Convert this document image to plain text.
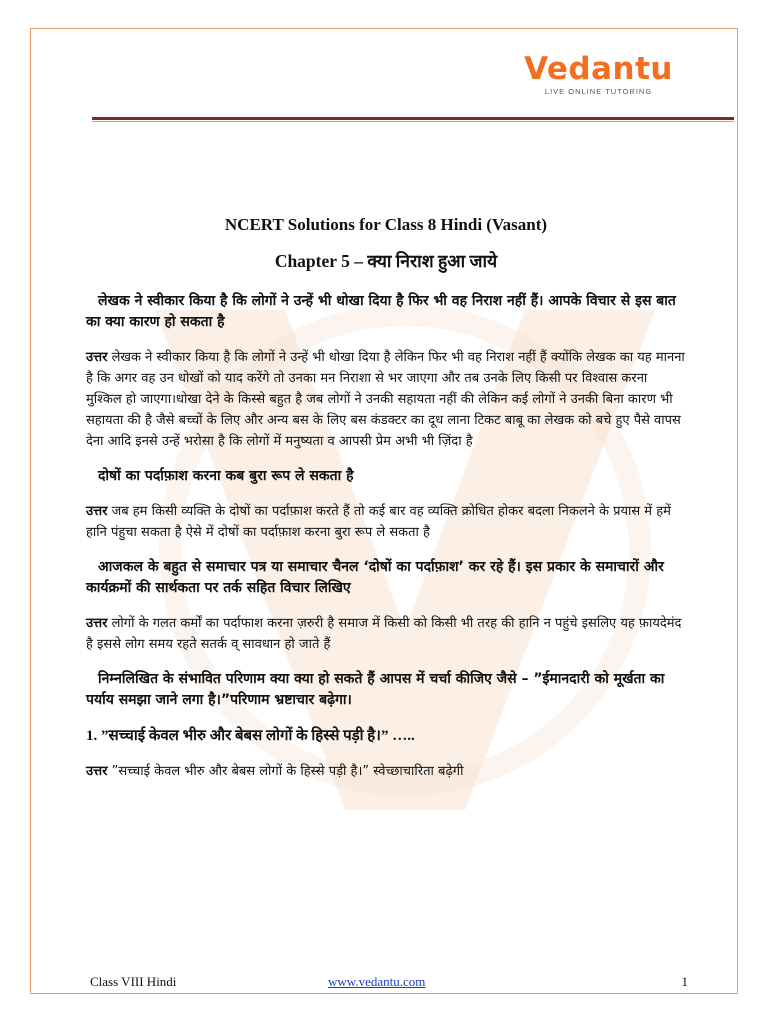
Vedantu
LIVE ONLINE TUTORING

NCERT Solutions for Class 8 Hindi (Vasant)

Chapter 5 – क्या निराश हुआ जाये

लेखक ने स्वीकार किया है कि लोगों ने उन्हें भी धोखा दिया है फिर भी वह निराश नहीं हैं। आपके विचार से इस बात का क्या कारण हो सकता है

उत्तर लेखक ने स्वीकार किया है कि लोगों ने उन्हें भी धोखा दिया है लेकिन फिर भी वह निराश नहीं हैं क्योंकि लेखक का यह मानना है कि अगर वह उन धोखों को याद करेंगे तो उनका मन निराशा से भर जाएगा और तब उनके लिए किसी पर विश्वास करना मुश्किल हो जाएगा।धोखा देने के किस्से बहुत है जब लोगों ने उनकी सहायता नहीं की लेकिन कई लोगों ने उनकी बिना कारण भी सहायता की है जैसे बच्चों के लिए और अन्य बस के लिए बस कंडक्टर का दूध लाना टिकट बाबू का लेखक को बचे हुए पैसे वापस देना आदि इनसे उन्हें भरोसा है कि लोगों में मनुष्यता व आपसी प्रेम अभी भी ज़िंदा है

दोषों का पर्दाफ़ाश करना कब बुरा रूप ले सकता है

उत्तर जब हम किसी व्यक्ति के दोषों का पर्दाफ़ाश करते हैं तो कई बार वह व्यक्ति क्रोधित होकर बदला निकलने के प्रयास में हमें हानि पंहुचा सकता है ऐसे में दोषों का पर्दाफ़ाश करना बुरा रूप ले सकता है

आजकल के बहुत से समाचार पत्र या समाचार चैनल ‘दोषों का पर्दाफ़ाश’ कर रहे हैं। इस प्रकार के समाचारों और कार्यक्रमों की सार्थकता पर तर्क सहित विचार लिखिए

उत्तर लोगों के गलत कर्मों का पर्दाफाश करना ज़रुरी है समाज में किसी को किसी भी तरह की हानि न पहुंचे इसलिए यह फ़ायदेमंद है इससे लोग समय रहते सतर्क व् सावधान हो जाते हैं

निम्नलिखित के संभावित परिणाम क्या क्या हो सकते हैं आपस में चर्चा कीजिए जैसे – ”ईमानदारी को मूर्खता का पर्याय समझा जाने लगा है।”परिणाम भ्रष्टाचार बढ़ेगा।

1. ”सच्चाई केवल भीरु और बेबस लोगों के हिस्से पड़ी है।” …..

उत्तर ”सच्चाई केवल भीरु और बेबस लोगों के हिस्से पड़ी है।” स्वेच्छाचारिता बढ़ेगी

Class VIII Hindi	www.vedantu.com	1
